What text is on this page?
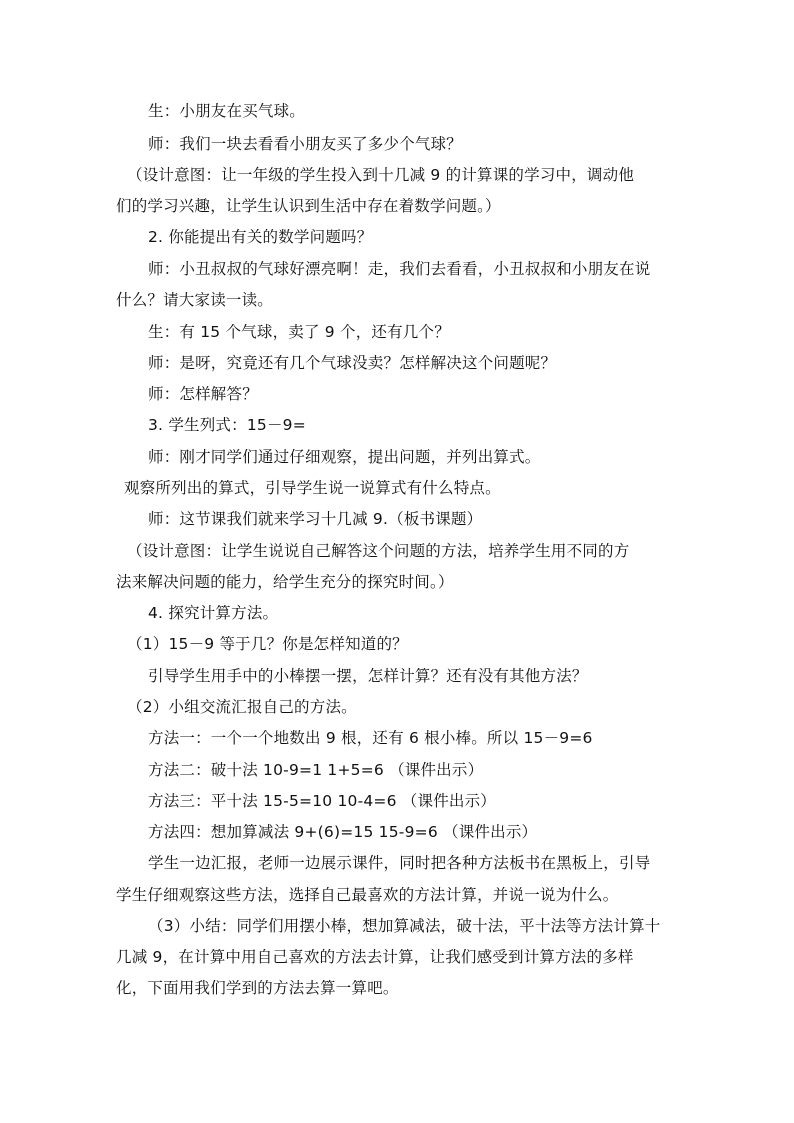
生：小朋友在买气球。
师：我们一块去看看小朋友买了多少个气球？
（设计意图：让一年级的学生投入到十几减 9 的计算课的学习中，调动他
们的学习兴趣，让学生认识到生活中存在着数学问题。）
2. 你能提出有关的数学问题吗？
师：小丑叔叔的气球好漂亮啊！走，我们去看看，小丑叔叔和小朋友在说
什么？请大家读一读。
生：有 15 个气球，卖了 9 个，还有几个？
师：是呀，究竟还有几个气球没卖？怎样解决这个问题呢？
师：怎样解答？
3. 学生列式：15－9=
师：刚才同学们通过仔细观察，提出问题，并列出算式。
观察所列出的算式，引导学生说一说算式有什么特点。
师：这节课我们就来学习十几减 9.（板书课题）
（设计意图：让学生说说自己解答这个问题的方法，培养学生用不同的方
法来解决问题的能力，给学生充分的探究时间。）
4. 探究计算方法。
（1）15－9 等于几？你是怎样知道的？
引导学生用手中的小棒摆一摆，怎样计算？还有没有其他方法？
（2）小组交流汇报自己的方法。
方法一：一个一个地数出 9 根，还有 6 根小棒。所以 15－9=6
方法二：破十法 10-9=1 1+5=6 （课件出示）
方法三：平十法 15-5=10 10-4=6 （课件出示）
方法四：想加算减法 9+(6)=15 15-9=6 （课件出示）
学生一边汇报，老师一边展示课件，同时把各种方法板书在黑板上，引导
学生仔细观察这些方法，选择自己最喜欢的方法计算，并说一说为什么。
（3）小结：同学们用摆小棒，想加算减法，破十法，平十法等方法计算十
几减 9，在计算中用自己喜欢的方法去计算，让我们感受到计算方法的多样
化，下面用我们学到的方法去算一算吧。
